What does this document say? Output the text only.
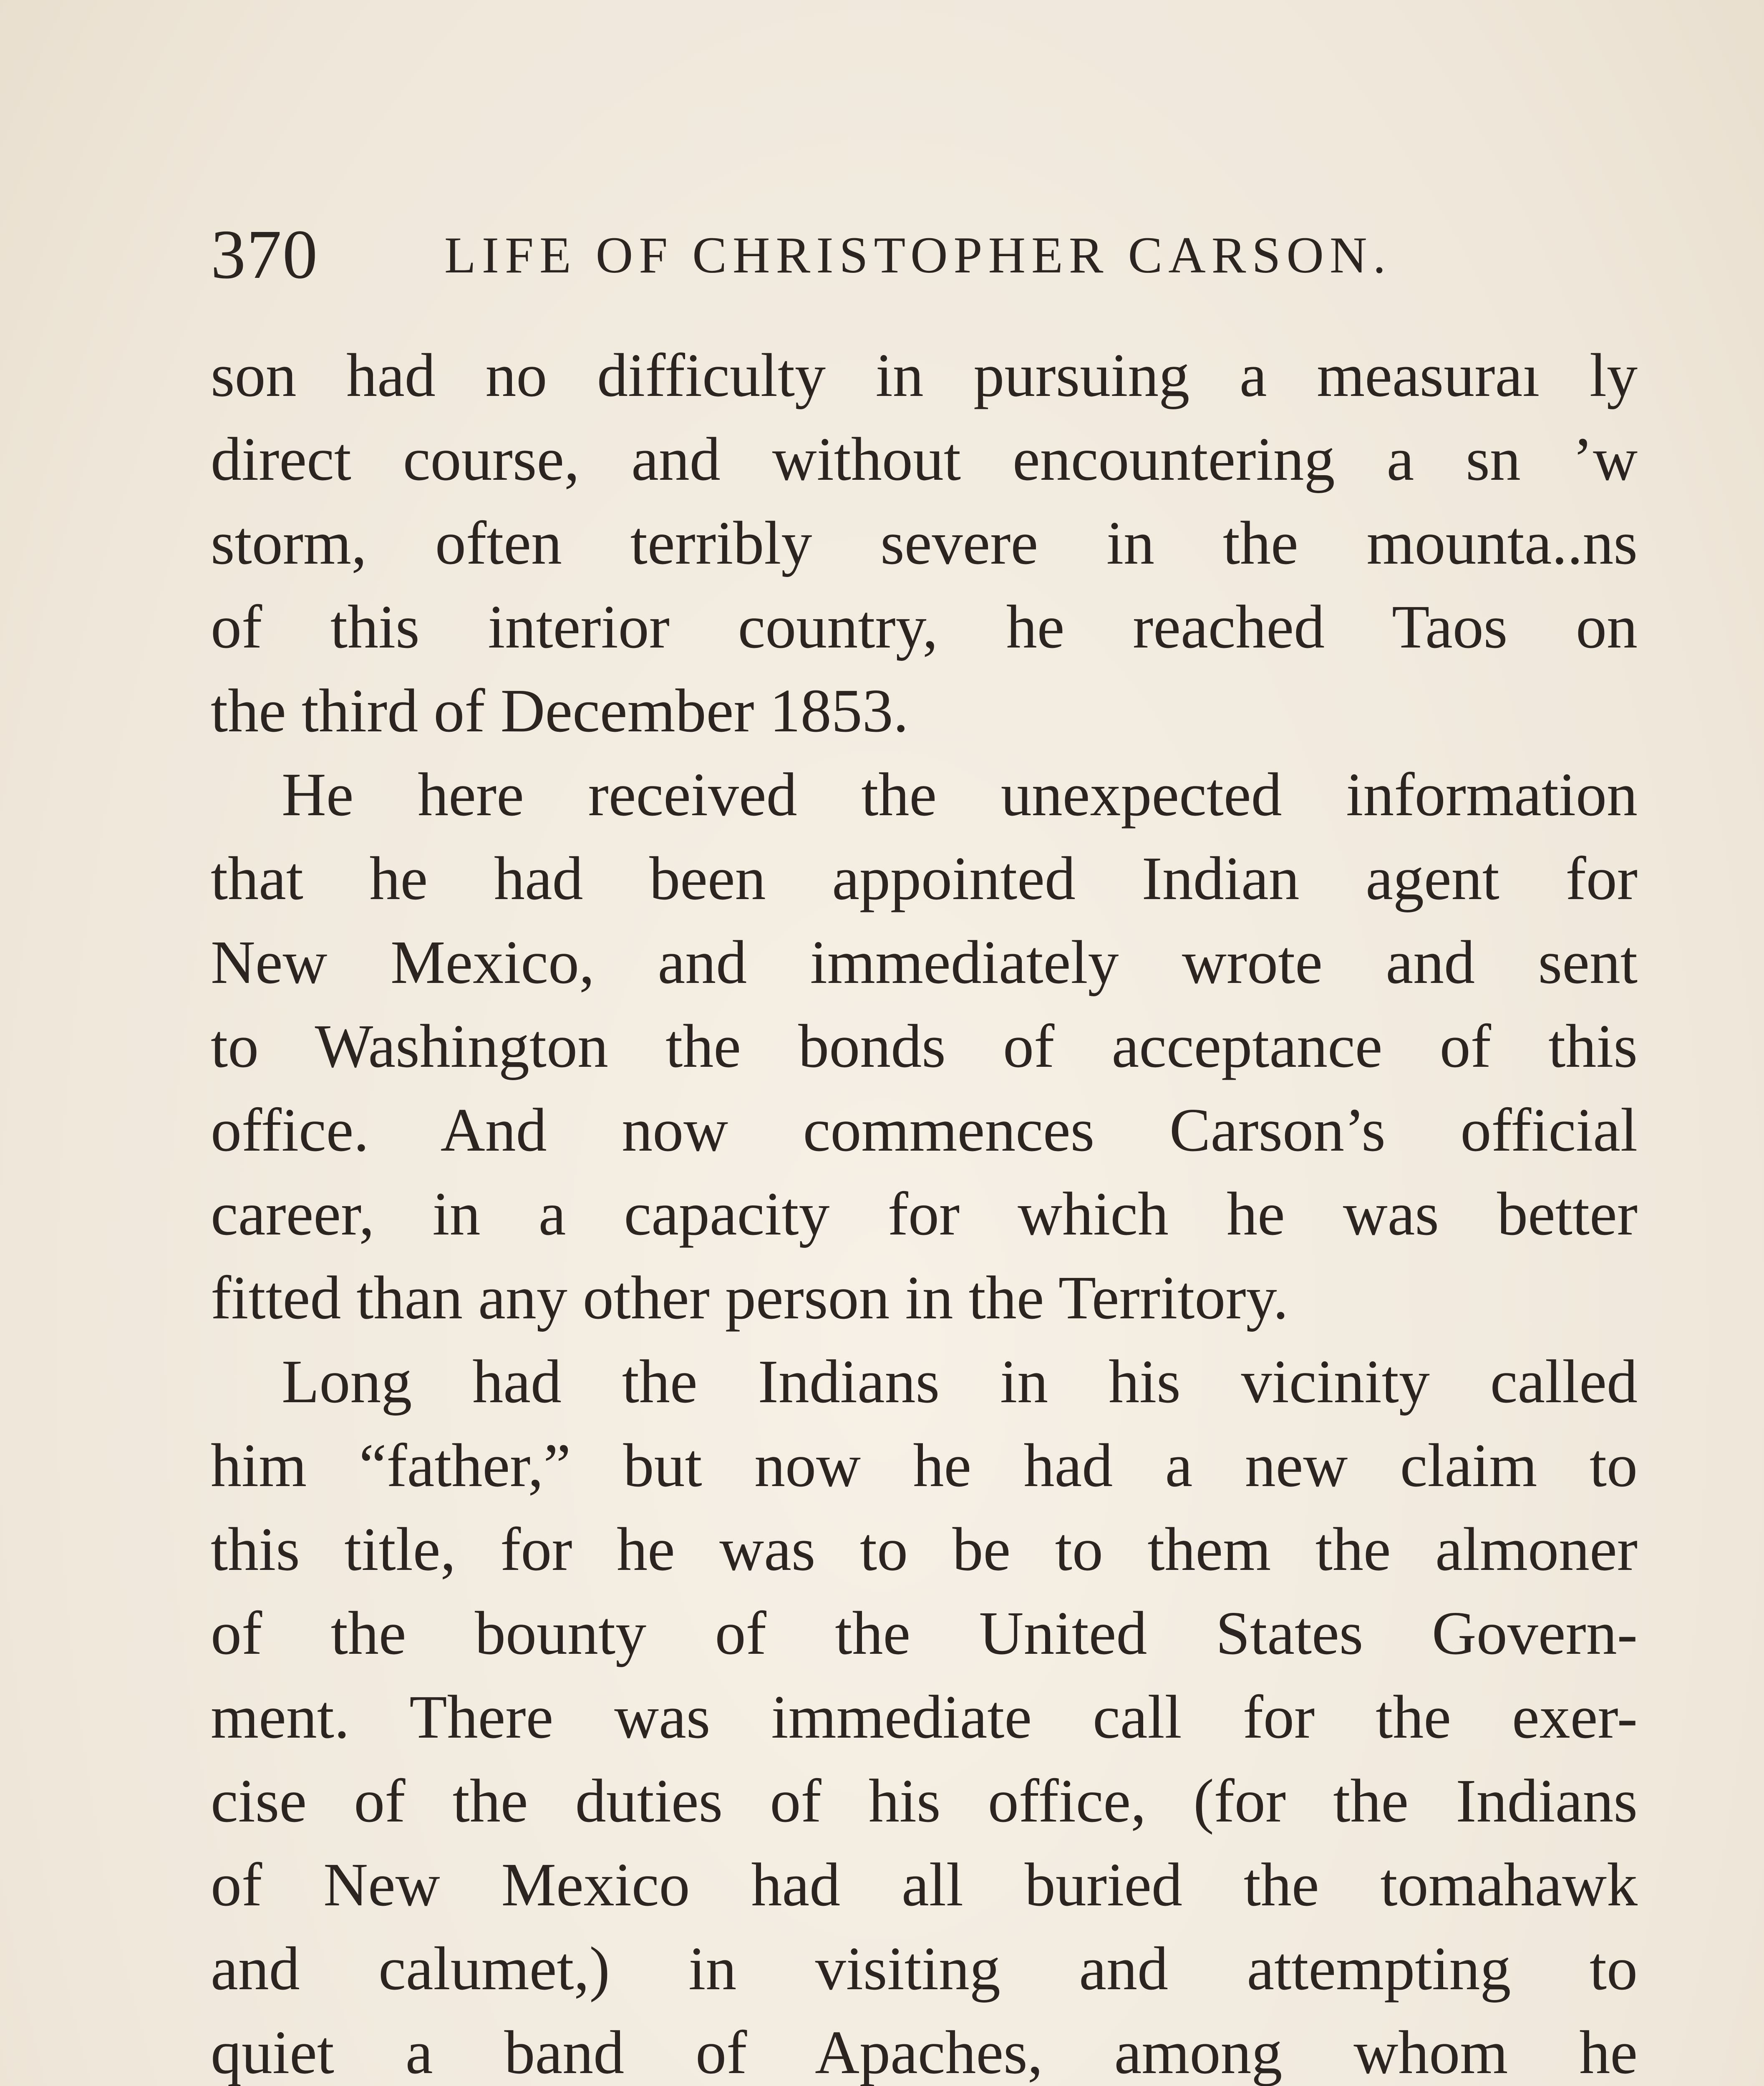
370 LIFE OF CHRISTOPHER CARSON.
son had no difficulty in pursuing a measuraı ly
direct course, and without encountering a sn ’w
storm, often terribly severe in the mounta..ns
of this interior country, he reached Taos on
the third of December 1853.
He here received the unexpected information
that he had been appointed Indian agent for
New Mexico, and immediately wrote and sent
to Washington the bonds of acceptance of this
office. And now commences Carson’s official
career, in a capacity for which he was better
fitted than any other person in the Territory.
Long had the Indians in his vicinity called
him “father,” but now he had a new claim to
this title, for he was to be to them the almoner
of the bounty of the United States Govern-
ment. There was immediate call for the exer-
cise of the duties of his office, (for the Indians
of New Mexico had all buried the tomahawk
and calumet,) in visiting and attempting to
quiet a band of Apaches, among whom he
